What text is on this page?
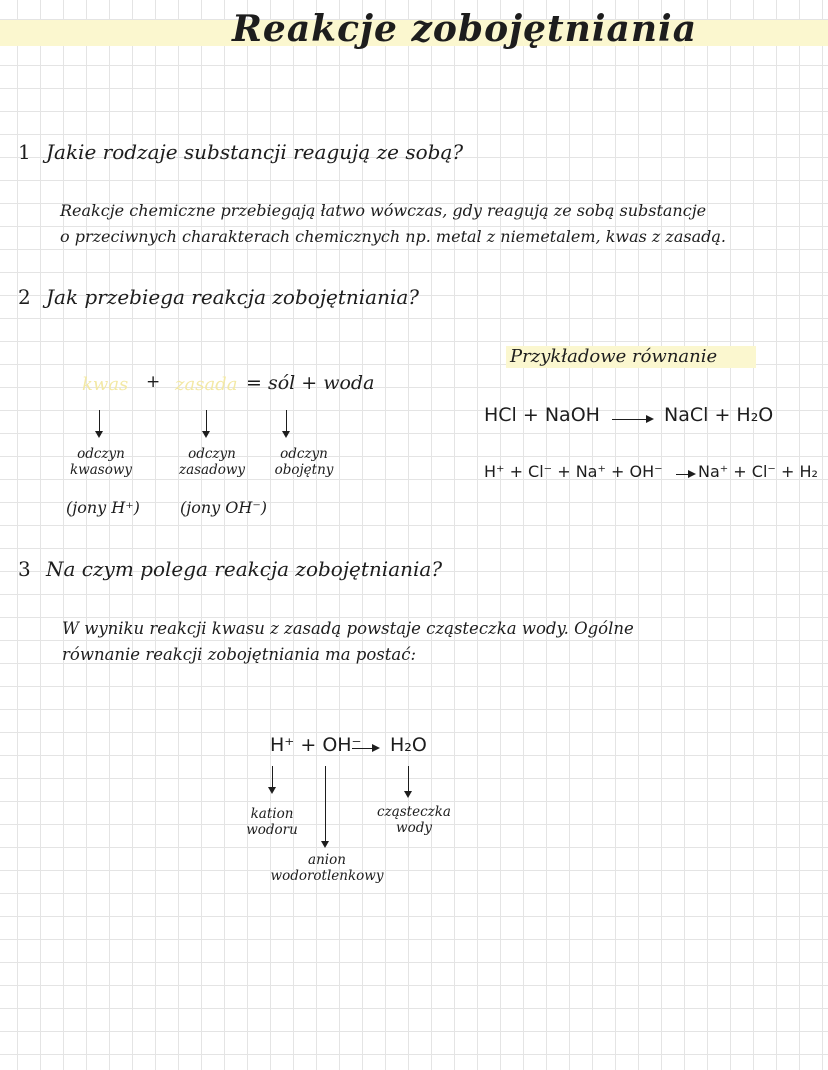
Reakcje zobojętniania
1 Jakie rodzaje substancji reagują ze sobą?
Reakcje chemiczne przebiegają łatwo wówczas, gdy reagują ze sobą substancje
o przeciwnych charakterach chemicznych np. metal z niemetalem, kwas z zasadą.
2 Jak przebiega reakcja zobojętniania?
kwas + zasada = sól + woda
odczyn
kwasowy
odczyn
zasadowy
odczyn
obojętny
(jony H⁺)	(jony OH⁻)
Przykładowe równanie
HCl + NaOH	NaCl + H₂O
H⁺ + Cl⁻ + Na⁺ + OH⁻ Na⁺ + Cl⁻ + H₂
3 Na czym polega reakcja zobojętniania?
W wyniku reakcji kwasu z zasadą powstaje cząsteczka wody. Ogólne
równanie reakcji zobojętniania ma postać:
H⁺ + OH⁻ H₂O
kation
wodoru
cząsteczka
wody
anion
wodorotlenkowy
